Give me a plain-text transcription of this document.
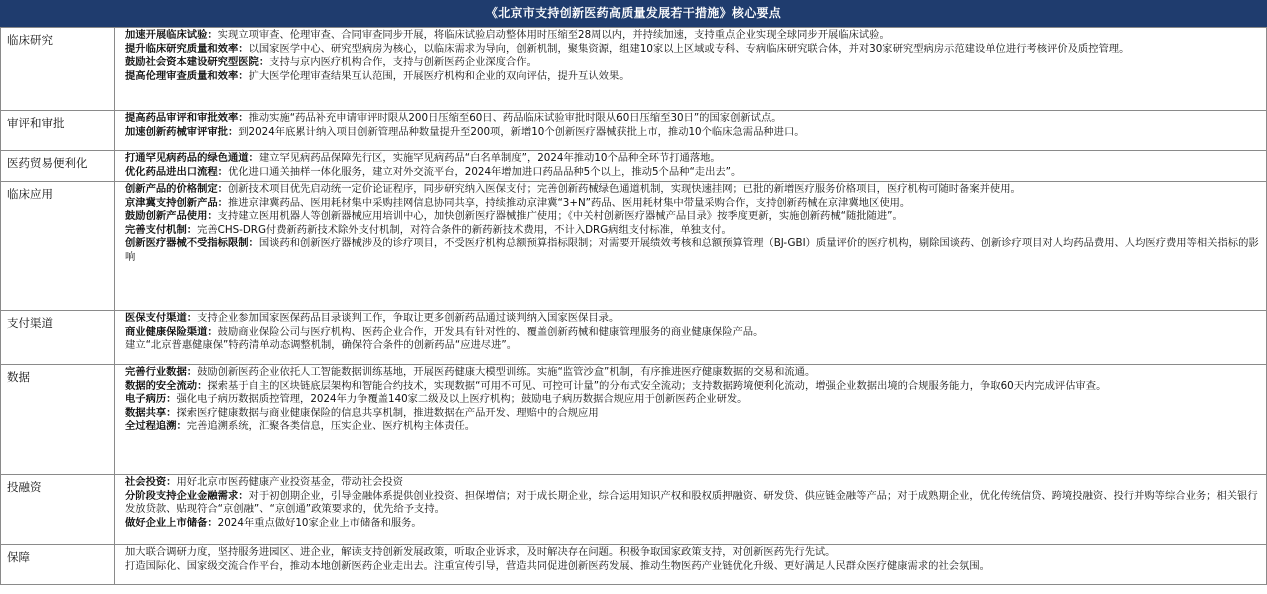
《北京市支持创新医药高质量发展若干措施》核心要点
临床研究	加速开展临床试验：实现立项审查、伦理审查、合同审查同步开展，将临床试验启动整体用时压缩至28周以内，并持续加速，支持重点企业实现全球同步开展临床试验。
提升临床研究质量和效率：以国家医学中心、研究型病房为核心，以临床需求为导向，创新机制，聚集资源，组建10家以上区域或专科、专病临床研究联合体，并对30家研究型病房示范建设单位进行考核评价及质控管理。
鼓励社会资本建设研究型医院：支持与京内医疗机构合作，支持与创新医药企业深度合作。
提高伦理审查质量和效率：扩大医学伦理审查结果互认范围，开展医疗机构和企业的双向评估，提升互认效果。

审评和审批	提高药品审评和审批效率：推动实施“药品补充申请审评时限从200日压缩至60日、药品临床试验审批时限从60日压缩至30日”的国家创新试点。
加速创新药械审评审批：到2024年底累计纳入项目创新管理品种数量提升至200项，新增10个创新医疗器械获批上市，推动10个临床急需品种进口。

医药贸易便利化	打通罕见病药品的绿色通道：建立罕见病药品保障先行区，实施罕见病药品“白名单制度”，2024年推动10个品种全环节打通落地。
优化药品进出口流程：优化进口通关抽样一体化服务，建立对外交流平台，2024年增加进口药品品种5个以上，推动5个品种“走出去”。

临床应用	创新产品的价格制定：创新技术项目优先启动统一定价论证程序，同步研究纳入医保支付；完善创新药械绿色通道机制，实现快速挂网；已批的新增医疗服务价格项目，医疗机构可随时备案并使用。
京津冀支持创新产品：推进京津冀药品、医用耗材集中采购挂网信息协同共享，持续推动京津冀“3+N”药品、医用耗材集中带量采购合作，支持创新药械在京津冀地区使用。
鼓励创新产品使用：支持建立医用机器人等创新器械应用培训中心，加快创新医疗器械推广使用；《中关村创新医疗器械产品目录》按季度更新，实施创新药械“随批随进”。
完善支付机制：完善CHS-DRG付费新药新技术除外支付机制，对符合条件的新药新技术费用，不计入DRG病组支付标准，单独支付。
创新医疗器械不受指标限制：国谈药和创新医疗器械涉及的诊疗项目，不受医疗机构总额预算指标限制；对需要开展绩效考核和总额预算管理（BJ-GBI）质量评价的医疗机构，剔除国谈药、创新诊疗项目对人均药品费用、人均医疗费用等相关指标的影响

支付渠道	医保支付渠道：支持企业参加国家医保药品目录谈判工作，争取让更多创新药品通过谈判纳入国家医保目录。
商业健康保险渠道：鼓励商业保险公司与医疗机构、医药企业合作，开发具有针对性的、覆盖创新药械和健康管理服务的商业健康保险产品。
建立“北京普惠健康保”特药清单动态调整机制，确保符合条件的创新药品“应进尽进”。

数据	完善行业数据：鼓励创新医药企业依托人工智能数据训练基地，开展医药健康大模型训练。实施“监管沙盒”机制，有序推进医疗健康数据的交易和流通。
数据的安全流动：探索基于自主的区块链底层架构和智能合约技术，实现数据“可用不可见、可控可计量”的分布式安全流动；支持数据跨境便利化流动，增强企业数据出境的合规服务能力，争取60天内完成评估审查。
电子病历：强化电子病历数据质控管理，2024年力争覆盖140家二级及以上医疗机构；鼓励电子病历数据合规应用于创新医药企业研发。
数据共享：探索医疗健康数据与商业健康保险的信息共享机制，推进数据在产品开发、理赔中的合规应用
全过程追溯：完善追溯系统，汇聚各类信息，压实企业、医疗机构主体责任。

投融资	社会投资：用好北京市医药健康产业投资基金，带动社会投资
分阶段支持企业金融需求：对于初创期企业，引导金融体系提供创业投资、担保增信；对于成长期企业，综合运用知识产权和股权质押融资、研发贷、供应链金融等产品；对于成熟期企业，优化传统信贷、跨境投融资、投行并购等综合业务；相关银行发放贷款、贴现符合“京创融”、“京创通”政策要求的，优先给予支持。
做好企业上市储备：2024年重点做好10家企业上市储备和服务。

保障	加大联合调研力度，坚持服务进园区、进企业，解读支持创新发展政策，听取企业诉求，及时解决存在问题。积极争取国家政策支持，对创新医药先行先试。
打造国际化、国家级交流合作平台，推动本地创新医药企业走出去。注重宣传引导，营造共同促进创新医药发展、推动生物医药产业链优化升级、更好满足人民群众医疗健康需求的社会氛围。
